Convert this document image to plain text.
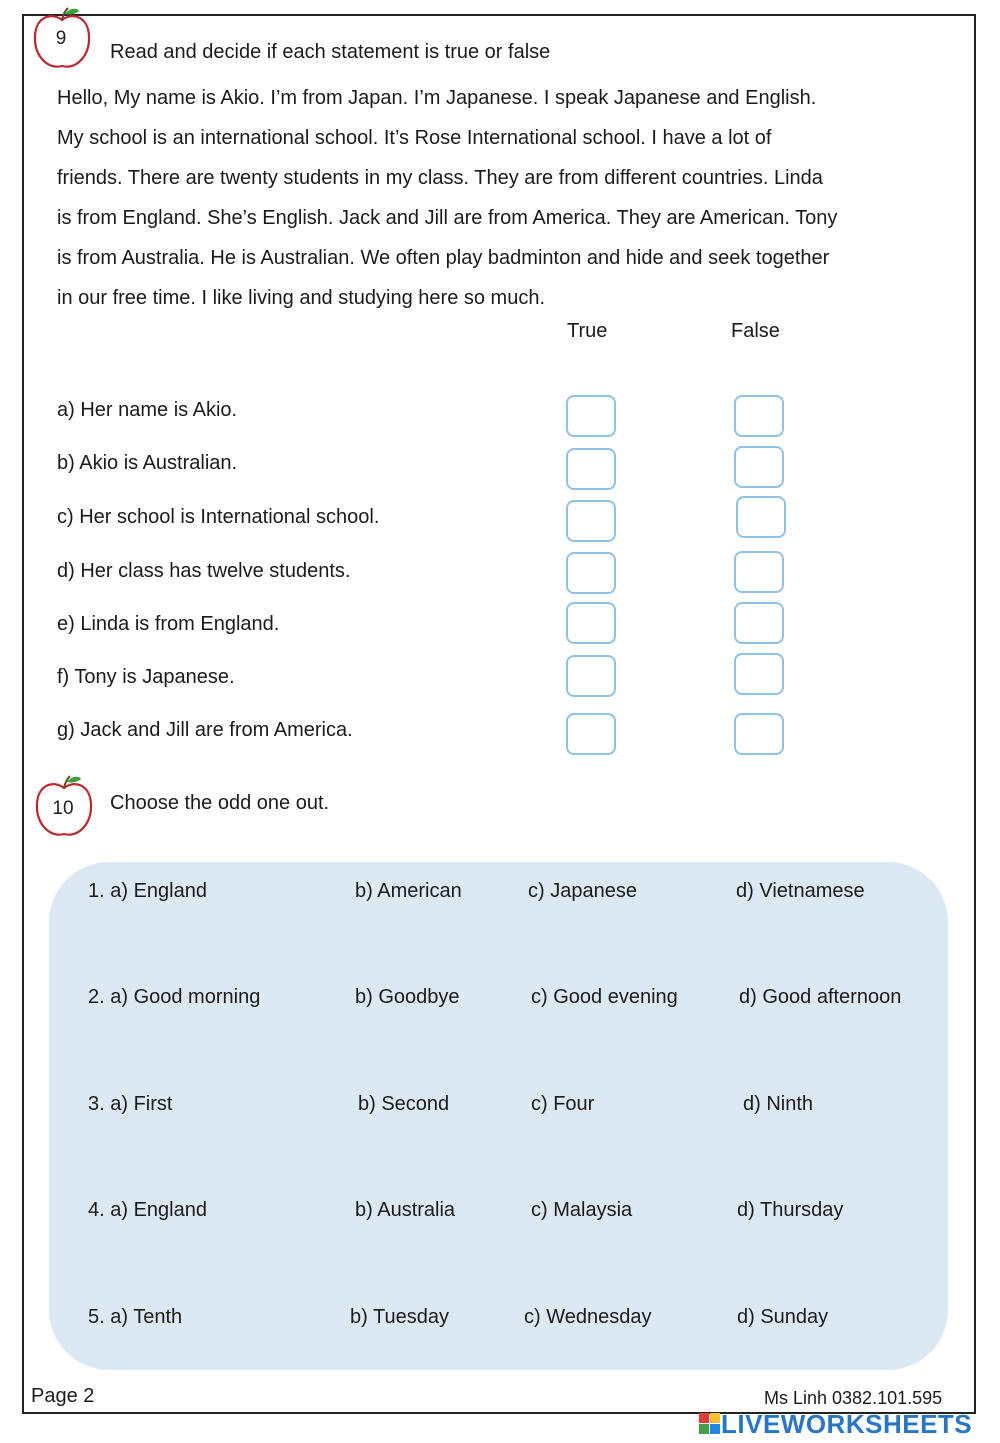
9
Read and decide if each statement is true or false
Hello, My name is Akio. I’m from Japan. I’m Japanese. I speak Japanese and English.
My school is an international school. It’s Rose International school. I have a lot of
friends. There are twenty students in my class. They are from different countries. Linda
is from England. She’s English. Jack and Jill are from America. They are American. Tony
is from Australia. He is Australian. We often play badminton and hide and seek together
in our free time. I like living and studying here so much.
True	False
a) Her name is Akio.
b) Akio is Australian.
c) Her school is International school.
d) Her class has twelve students.
e) Linda is from England.
f) Tony is Japanese.
g) Jack and Jill are from America.
10	Choose the odd one out.
1. a) England	b) American	c) Japanese	d) Vietnamese
2. a) Good morning	b) Goodbye	c) Good evening	d) Good afternoon
3. a) First	b) Second	c) Four	d) Ninth
4. a) England	b) Australia	c) Malaysia	d) Thursday
5. a) Tenth	b) Tuesday	c) Wednesday	d) Sunday
Page 2	Ms Linh 0382.101.595
LIVEWORKSHEETS
